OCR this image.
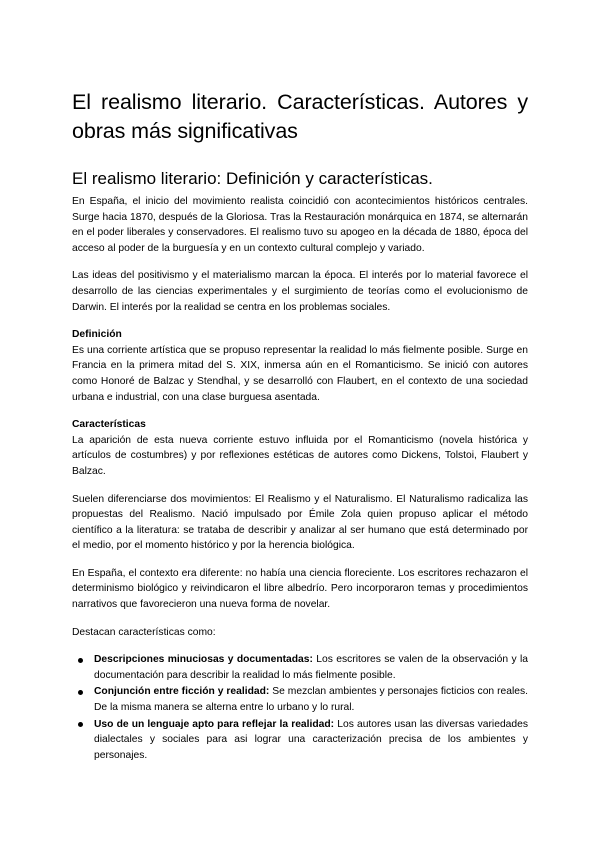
El realismo literario. Características. Autores y obras más significativas
El realismo literario: Definición y características.

En España, el inicio del movimiento realista coincidió con acontecimientos históricos centrales. Surge hacia 1870, después de la Gloriosa. Tras la Restauración monárquica en 1874, se alternarán en el poder liberales y conservadores. El realismo tuvo su apogeo en la década de 1880, época del acceso al poder de la burguesía y en un contexto cultural complejo y variado.

Las ideas del positivismo y el materialismo marcan la época. El interés por lo material favorece el desarrollo de las ciencias experimentales y el surgimiento de teorías como el evolucionismo de Darwin. El interés por la realidad se centra en los problemas sociales.

Definición

Es una corriente artística que se propuso representar la realidad lo más fielmente posible. Surge en Francia en la primera mitad del S. XIX, inmersa aún en el Romanticismo. Se inició con autores como Honoré de Balzac y Stendhal, y se desarrolló con Flaubert, en el contexto de una sociedad urbana e industrial, con una clase burguesa asentada.

Características

La aparición de esta nueva corriente estuvo influida por el Romanticismo (novela histórica y artículos de costumbres) y por reflexiones estéticas de autores como Dickens, Tolstoi, Flaubert y Balzac.

Suelen diferenciarse dos movimientos: El Realismo y el Naturalismo. El Naturalismo radicaliza las propuestas del Realismo. Nació impulsado por Émile Zola quien propuso aplicar el método científico a la literatura: se trataba de describir y analizar al ser humano que está determinado por el medio, por el momento histórico y por la herencia biológica.

En España, el contexto era diferente: no había una ciencia floreciente. Los escritores rechazaron el determinismo biológico y reivindicaron el libre albedrío. Pero incorporaron temas y procedimientos narrativos que favorecieron una nueva forma de novelar.

Destacan características como:

Descripciones minuciosas y documentadas: Los escritores se valen de la observación y la documentación para describir la realidad lo más fielmente posible.
Conjunción entre ficción y realidad: Se mezclan ambientes y personajes ficticios con reales. De la misma manera se alterna entre lo urbano y lo rural.
Uso de un lenguaje apto para reflejar la realidad: Los autores usan las diversas variedades dialectales y sociales para asi lograr una caracterización precisa de los ambientes y personajes.
